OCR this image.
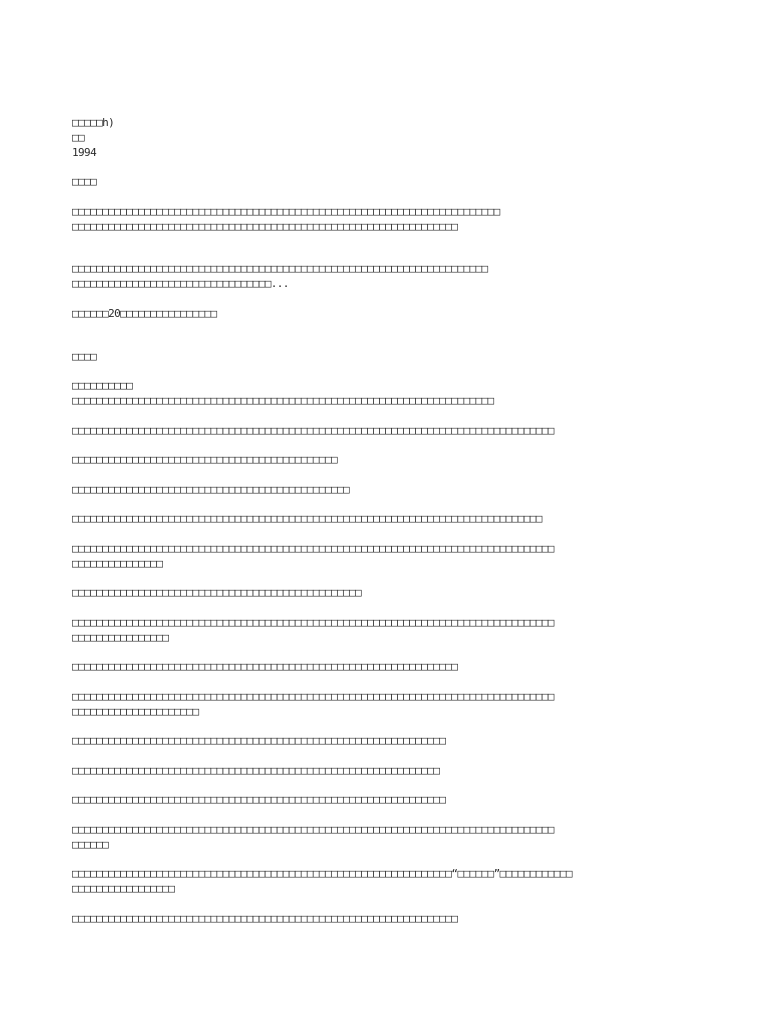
□□□□□h)

□□

1994

□□□□

□□□□□□□□□□□□□□□□□□□□□□□□□□□□□□□□□□□□□□□□□□□□□□□□□□□□□□□□□□□□□□□□□□□□□□□
□□□□□□□□□□□□□□□□□□□□□□□□□□□□□□□□□□□□□□□□□□□□□□□□□□□□□□□□□□□□□□□□

□□□□□□□□□□□□□□□□□□□□□□□□□□□□□□□□□□□□□□□□□□□□□□□□□□□□□□□□□□□□□□□□□□□□□
□□□□□□□□□□□□□□□□□□□□□□□□□□□□□□□□□...

□□□□□□20□□□□□□□□□□□□□□□□

□□□□

□□□□□□□□□□
□□□□□□□□□□□□□□□□□□□□□□□□□□□□□□□□□□□□□□□□□□□□□□□□□□□□□□□□□□□□□□□□□□□□□□

□□□□□□□□□□□□□□□□□□□□□□□□□□□□□□□□□□□□□□□□□□□□□□□□□□□□□□□□□□□□□□□□□□□□□□□□□□□□□□□□

□□□□□□□□□□□□□□□□□□□□□□□□□□□□□□□□□□□□□□□□□□□□

□□□□□□□□□□□□□□□□□□□□□□□□□□□□□□□□□□□□□□□□□□□□□□

□□□□□□□□□□□□□□□□□□□□□□□□□□□□□□□□□□□□□□□□□□□□□□□□□□□□□□□□□□□□□□□□□□□□□□□□□□□□□□

□□□□□□□□□□□□□□□□□□□□□□□□□□□□□□□□□□□□□□□□□□□□□□□□□□□□□□□□□□□□□□□□□□□□□□□□□□□□□□□□
□□□□□□□□□□□□□□□

□□□□□□□□□□□□□□□□□□□□□□□□□□□□□□□□□□□□□□□□□□□□□□□□

□□□□□□□□□□□□□□□□□□□□□□□□□□□□□□□□□□□□□□□□□□□□□□□□□□□□□□□□□□□□□□□□□□□□□□□□□□□□□□□□
□□□□□□□□□□□□□□□□

□□□□□□□□□□□□□□□□□□□□□□□□□□□□□□□□□□□□□□□□□□□□□□□□□□□□□□□□□□□□□□□□

□□□□□□□□□□□□□□□□□□□□□□□□□□□□□□□□□□□□□□□□□□□□□□□□□□□□□□□□□□□□□□□□□□□□□□□□□□□□□□□□
□□□□□□□□□□□□□□□□□□□□□

□□□□□□□□□□□□□□□□□□□□□□□□□□□□□□□□□□□□□□□□□□□□□□□□□□□□□□□□□□□□□□

□□□□□□□□□□□□□□□□□□□□□□□□□□□□□□□□□□□□□□□□□□□□□□□□□□□□□□□□□□□□□

□□□□□□□□□□□□□□□□□□□□□□□□□□□□□□□□□□□□□□□□□□□□□□□□□□□□□□□□□□□□□□

□□□□□□□□□□□□□□□□□□□□□□□□□□□□□□□□□□□□□□□□□□□□□□□□□□□□□□□□□□□□□□□□□□□□□□□□□□□□□□□□
□□□□□□

□□□□□□□□□□□□□□□□□□□□□□□□□□□□□□□□□□□□□□□□□□□□□□□□□□□□□□□□□□□□□□□“□□□□□□”□□□□□□□□□□□□
□□□□□□□□□□□□□□□□□

□□□□□□□□□□□□□□□□□□□□□□□□□□□□□□□□□□□□□□□□□□□□□□□□□□□□□□□□□□□□□□□□
